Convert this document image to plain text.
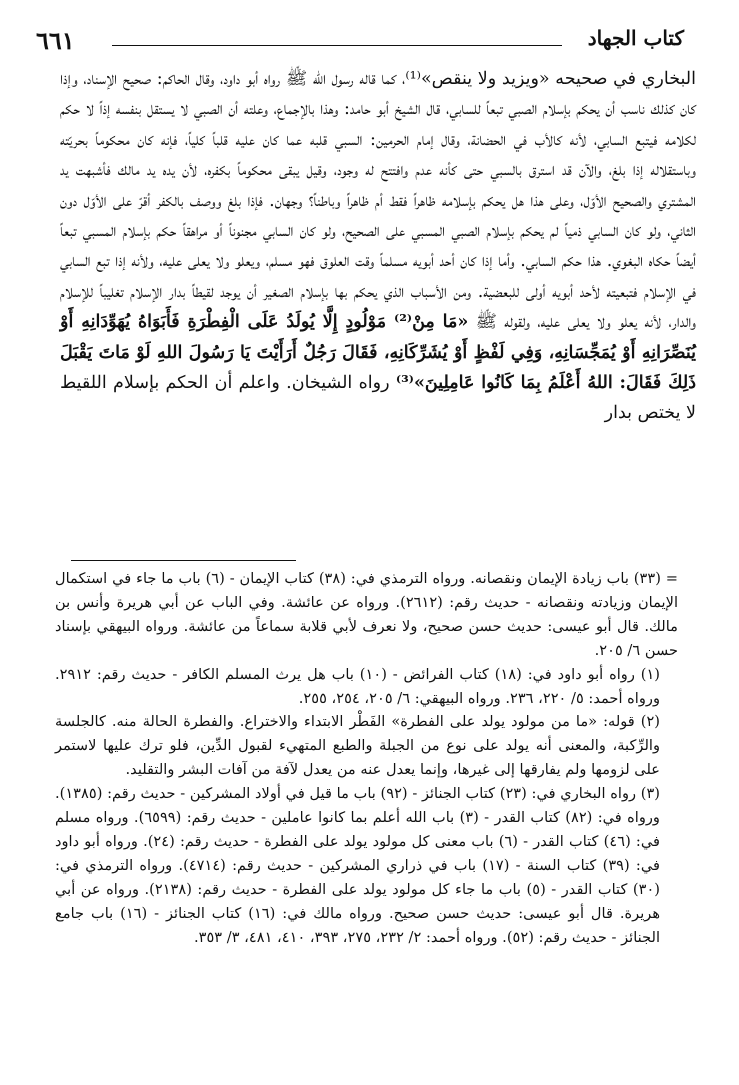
٦٦١	كتاب الجهاد

البخاري في صحيحه «ويزيد ولا ينقص»⁽¹⁾، كما قاله رسول الله ﷺ رواه أبو داود، وقال الحاكم: صحيح الإسناد، وإذا كان كذلك ناسب أن يحكم بإسلام الصبي تبعاً للسابي، قال الشيخ أبو حامد: وهذا بالإجماع، وعلته أن الصبي لا يستقل بنفسه إذاً لا حكم لكلامه فيتبع السابي، لأنه كالأب في الحضانة، وقال إمام الحرمين: السبي قلبه عما كان عليه قلباً كلياً، فإنه كان محكوماً بحريّته وباستقلاله إذا بلغ، والآن قد استرق بالسبي حتى كأنه عدم وافتتح له وجود، وقيل يبقى محكوماً بكفره، لأن يده يد مالك فأشبهت يد المشتري والصحيح الأوّل، وعلى هذا هل يحكم بإسلامه ظاهراً فقط أم ظاهراً وباطناً؟ وجهان. فإذا بلغ ووصف بالكفر أقرّ على الأوّل دون الثاني، ولو كان السابي ذمياً لم يحكم بإسلام الصبي المسبي على الصحيح، ولو كان السابي مجنوناً أو مراهقاً حكم بإسلام المسبي تبعاً أيضاً حكاه البغوي. هذا حكم السابي. وأما إذا كان أحد أبويه مسلماً وقت العلوق فهو مسلم، ويعلو ولا يعلى عليه، ولأنه إذا تبع السابي في الإسلام فتبعيته لأحد أبويه أولى للبعضية. ومن الأسباب الذي يحكم بها بإسلام الصغير أن يوجد لقيطاً بدار الإسلام تغليباً للإسلام والدار، لأنه يعلو ولا يعلى عليه، ولقوله ﷺ «مَا مِنْ⁽²⁾ مَوْلُودٍ إِلَّا يُولَدُ عَلَى الْفِطْرَةِ فَأَبَوَاهُ يُهَوِّدَانِهِ أَوْ يُنَصِّرَانِهِ أَوْ يُمَجِّسَانِهِ، وَفِي لَفْظٍ أَوْ يُشَرِّكَانِهِ، فَقَالَ رَجُلٌ أَرَأَيْتَ يَا رَسُولَ اللهِ لَوْ مَاتَ يَقْبَلَ ذَلِكَ فَقَالَ: اللهُ أَعْلَمُ بِمَا كَانُوا عَامِلِينَ»⁽³⁾ رواه الشيخان. واعلم أن الحكم بإسلام اللقيط لا يختص بدار

= (٣٣) باب زيادة الإيمان ونقصانه. ورواه الترمذي في: (٣٨) كتاب الإيمان - (٦) باب ما جاء في استكمال الإيمان وزيادته ونقصانه - حديث رقم: (٢٦١٢). ورواه عن عائشة. وفي الباب عن أبي هريرة وأنس بن مالك. قال أبو عيسى: حديث حسن صحيح، ولا نعرف لأبي قلابة سماعاً من عائشة. ورواه البيهقي بإسناد حسن ٦/ ٢٠٥.

(١) رواه أبو داود في: (١٨) كتاب الفرائض - (١٠) باب هل يرث المسلم الكافر - حديث رقم: ٢٩١٢. ورواه أحمد: ٥/ ٢٢٠، ٢٣٦. ورواه البيهقي: ٦/ ٢٠٥، ٢٥٤، ٢٥٥.

(٢) قوله: «ما من مولود يولد على الفطرة» الفَطْر الابتداء والاختراع. والفطرة الحالة منه. كالجلسة والرِّكبة، والمعنى أنه يولد على نوع من الجبلة والطبع المتهيء لقبول الدِّين، فلو ترك عليها لاستمر على لزومها ولم يفارقها إلى غيرها، وإنما يعدل عنه من يعدل لآفة من آفات البشر والتقليد.

(٣) رواه البخاري في: (٢٣) كتاب الجنائز - (٩٢) باب ما قيل في أولاد المشركين - حديث رقم: (١٣٨٥). ورواه في: (٨٢) كتاب القدر - (٣) باب الله أعلم بما كانوا عاملين - حديث رقم: (٦٥٩٩). ورواه مسلم في: (٤٦) كتاب القدر - (٦) باب معنى كل مولود يولد على الفطرة - حديث رقم: (٢٤). ورواه أبو داود في: (٣٩) كتاب السنة - (١٧) باب في ذراري المشركين - حديث رقم: (٤٧١٤). ورواه الترمذي في: (٣٠) كتاب القدر - (٥) باب ما جاء كل مولود يولد على الفطرة - حديث رقم: (٢١٣٨). ورواه عن أبي هريرة. قال أبو عيسى: حديث حسن صحيح. ورواه مالك في: (١٦) كتاب الجنائز - (١٦) باب جامع الجنائز - حديث رقم: (٥٢). ورواه أحمد: ٢/ ٢٣٢، ٢٧٥، ٣٩٣، ٤١٠، ٤٨١، ٣/ ٣٥٣.
